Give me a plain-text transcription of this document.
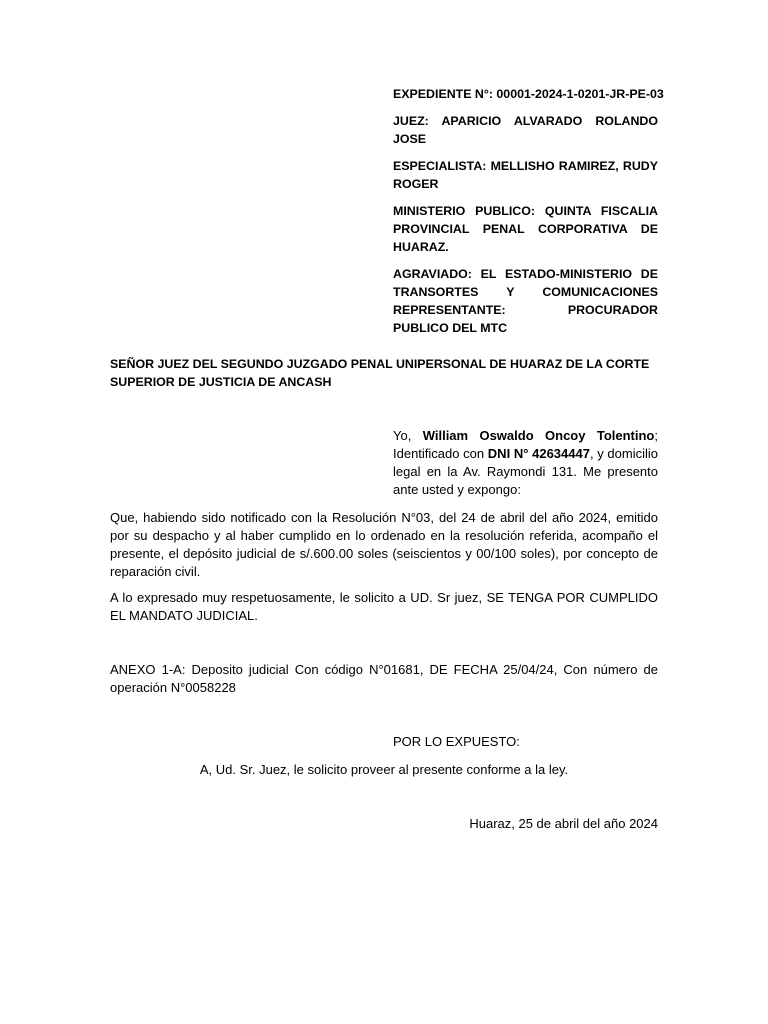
EXPEDIENTE N°: 00001-2024-1-0201-JR-PE-03

JUEZ: APARICIO ALVARADO ROLANDO JOSE

ESPECIALISTA: MELLISHO RAMIREZ, RUDY ROGER

MINISTERIO PUBLICO: QUINTA FISCALIA PROVINCIAL PENAL CORPORATIVA DE HUARAZ.

AGRAVIADO: EL ESTADO-MINISTERIO DE TRANSORTES Y COMUNICACIONES REPRESENTANTE: PROCURADOR PUBLICO DEL MTC

SEÑOR JUEZ DEL SEGUNDO JUZGADO PENAL UNIPERSONAL DE HUARAZ DE LA CORTE SUPERIOR DE JUSTICIA DE ANCASH

Yo, William Oswaldo Oncoy Tolentino; Identificado con DNI N° 42634447, y domicilio legal en la Av. Raymondi 131. Me presento ante usted y expongo:

Que, habiendo sido notificado con la Resolución N°03, del 24 de abril del año 2024, emitido por su despacho y al haber cumplido en lo ordenado en la resolución referida, acompaño el presente, el depósito judicial de s/.600.00 soles (seiscientos y 00/100 soles), por concepto de reparación civil.

A lo expresado muy respetuosamente, le solicito a UD. Sr juez, SE TENGA POR CUMPLIDO EL MANDATO JUDICIAL.

ANEXO 1-A: Deposito judicial Con código N°01681, DE FECHA 25/04/24, Con número de operación N°0058228

POR LO EXPUESTO:

A, Ud. Sr. Juez, le solicito proveer al presente conforme a la ley.

Huaraz, 25 de abril del año 2024
